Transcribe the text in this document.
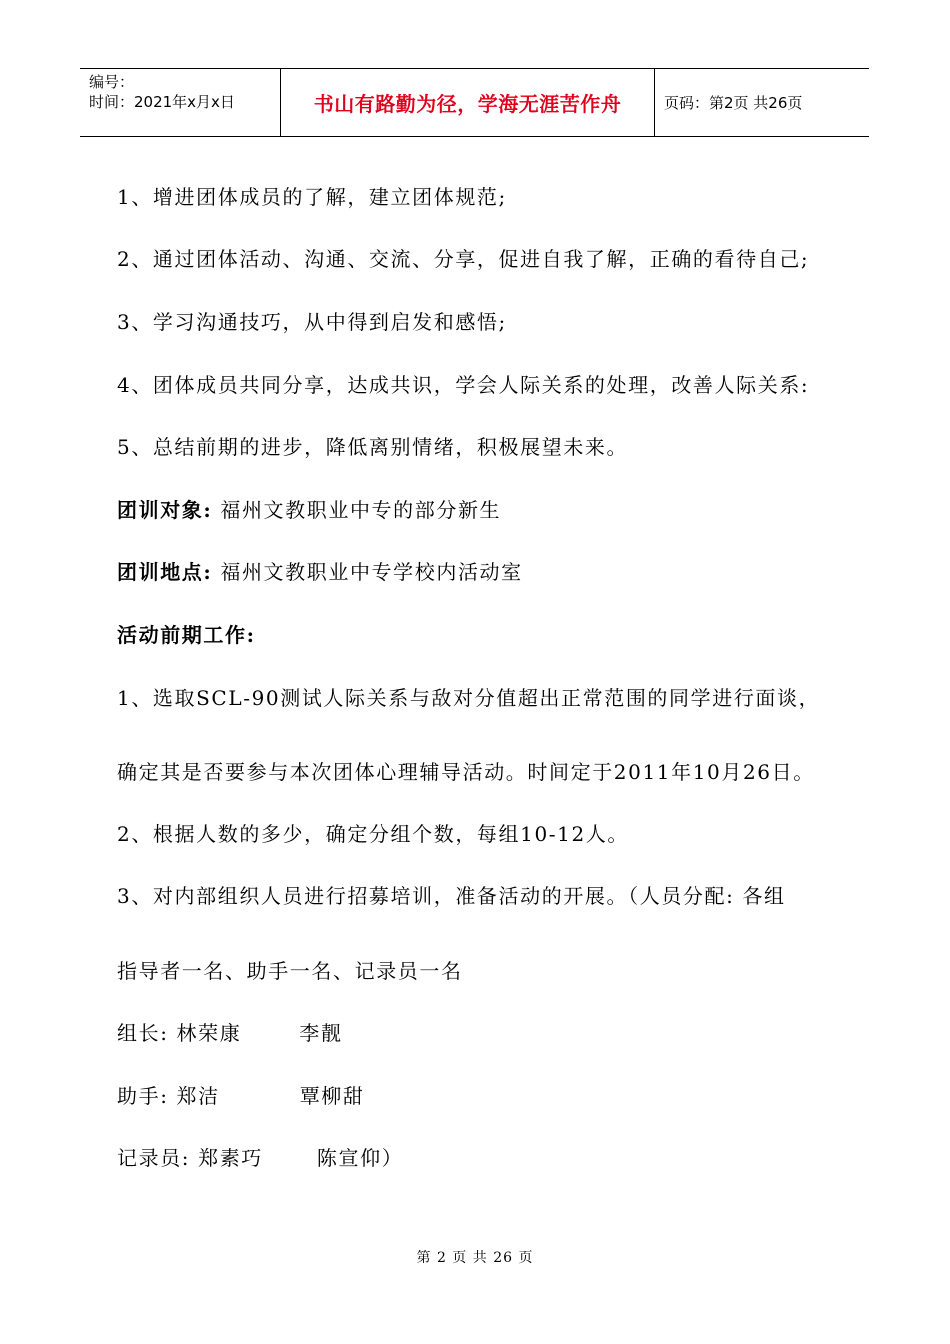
编号：
时间：2021年x月x日	书山有路勤为径，学海无涯苦作舟	页码：第2页 共26页
1、增进团体成员的了解，建立团体规范;
2、通过团体活动、沟通、交流、分享，促进自我了解，正确的看待自己;
3、学习沟通技巧，从中得到启发和感悟;
4、团体成员共同分享，达成共识，学会人际关系的处理，改善人际关系:
5、总结前期的进步，降低离别情绪，积极展望未来。
团训对象: 福州文教职业中专的部分新生
团训地点: 福州文教职业中专学校内活动室
活动前期工作:
1、选取SCL-90测试人际关系与敌对分值超出正常范围的同学进行面谈，
确定其是否要参与本次团体心理辅导活动。时间定于2011年10月26日。
2、根据人数的多少，确定分组个数，每组10-12人。
3、对内部组织人员进行招募培训，准备活动的开展。（人员分配: 各组
指导者一名、助手一名、记录员一名
组长: 林荣康	李靓
助手: 郑洁	覃柳甜
记录员: 郑素巧	陈宣仰）
第 2 页 共 26 页
